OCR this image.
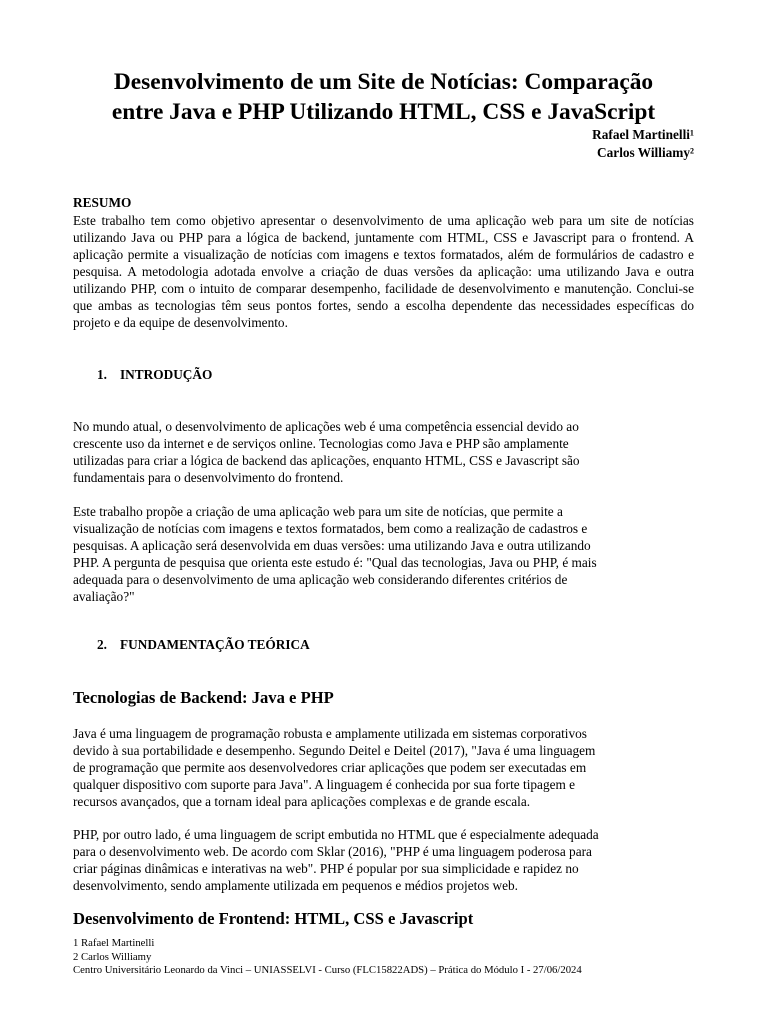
Desenvolvimento de um Site de Notícias: Comparação
entre Java e PHP Utilizando HTML, CSS e JavaScript
Rafael Martinelli¹
Carlos Williamy²
RESUMO
Este trabalho tem como objetivo apresentar o desenvolvimento de uma aplicação web para um site de notícias utilizando Java ou PHP para a lógica de backend, juntamente com HTML, CSS e Javascript para o frontend. A aplicação permite a visualização de notícias com imagens e textos formatados, além de formulários de cadastro e pesquisa. A metodologia adotada envolve a criação de duas versões da aplicação: uma utilizando Java e outra utilizando PHP, com o intuito de comparar desempenho, facilidade de desenvolvimento e manutenção. Conclui-se que ambas as tecnologias têm seus pontos fortes, sendo a escolha dependente das necessidades específicas do projeto e da equipe de desenvolvimento.
1. INTRODUÇÃO
No mundo atual, o desenvolvimento de aplicações web é uma competência essencial devido ao
crescente uso da internet e de serviços online. Tecnologias como Java e PHP são amplamente
utilizadas para criar a lógica de backend das aplicações, enquanto HTML, CSS e Javascript são
fundamentais para o desenvolvimento do frontend.
Este trabalho propõe a criação de uma aplicação web para um site de notícias, que permite a
visualização de notícias com imagens e textos formatados, bem como a realização de cadastros e
pesquisas. A aplicação será desenvolvida em duas versões: uma utilizando Java e outra utilizando
PHP. A pergunta de pesquisa que orienta este estudo é: "Qual das tecnologias, Java ou PHP, é mais
adequada para o desenvolvimento de uma aplicação web considerando diferentes critérios de
avaliação?"
2. FUNDAMENTAÇÃO TEÓRICA
Tecnologias de Backend: Java e PHP
Java é uma linguagem de programação robusta e amplamente utilizada em sistemas corporativos
devido à sua portabilidade e desempenho. Segundo Deitel e Deitel (2017), "Java é uma linguagem
de programação que permite aos desenvolvedores criar aplicações que podem ser executadas em
qualquer dispositivo com suporte para Java". A linguagem é conhecida por sua forte tipagem e
recursos avançados, que a tornam ideal para aplicações complexas e de grande escala.
PHP, por outro lado, é uma linguagem de script embutida no HTML que é especialmente adequada
para o desenvolvimento web. De acordo com Sklar (2016), "PHP é uma linguagem poderosa para
criar páginas dinâmicas e interativas na web". PHP é popular por sua simplicidade e rapidez no
desenvolvimento, sendo amplamente utilizada em pequenos e médios projetos web.
Desenvolvimento de Frontend: HTML, CSS e Javascript
1 Rafael Martinelli
2 Carlos Williamy
Centro Universitário Leonardo da Vinci – UNIASSELVI - Curso (FLC15822ADS) – Prática do Módulo I - 27/06/2024
